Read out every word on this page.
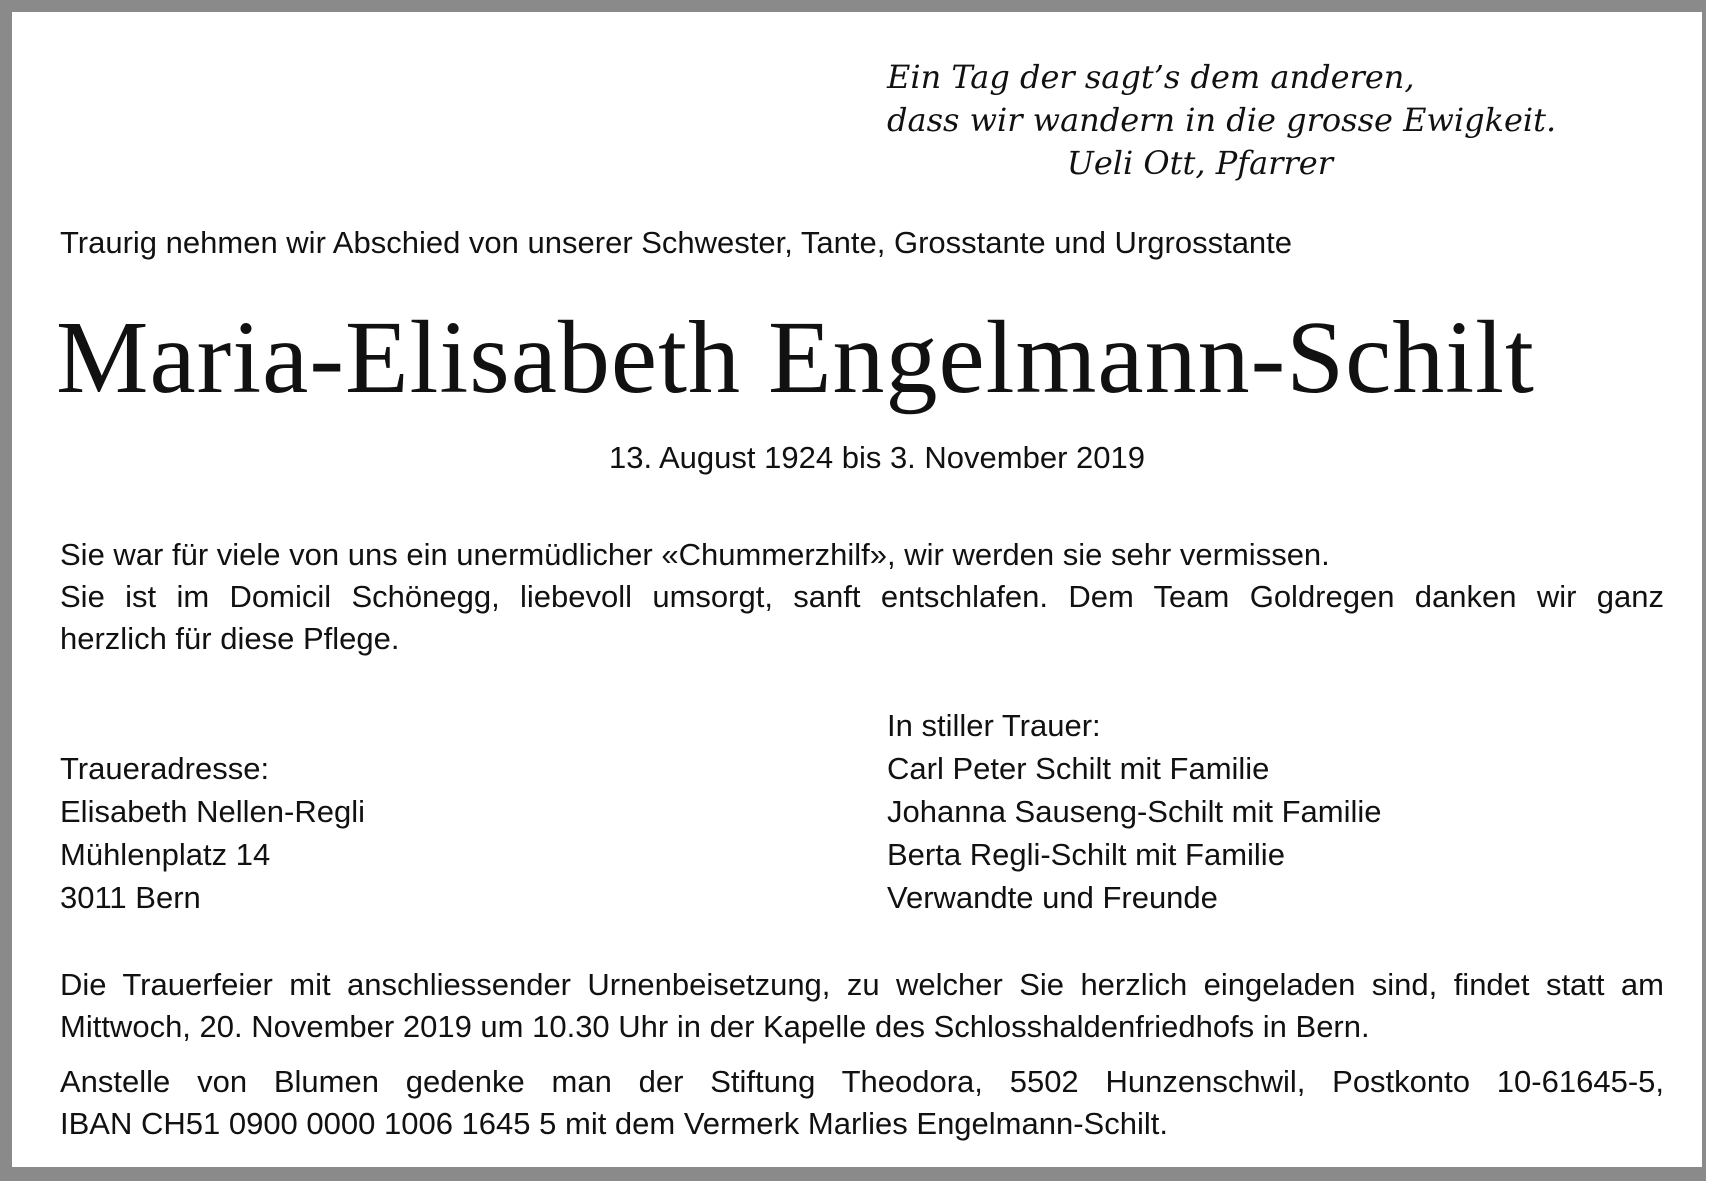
Ein Tag der sagt’s dem anderen,
dass wir wandern in die grosse Ewigkeit.
Ueli Ott, Pfarrer
Traurig nehmen wir Abschied von unserer Schwester, Tante, Grosstante und Urgrosstante
Maria-Elisabeth Engelmann-Schilt
13. August 1924 bis 3. November 2019
Sie war für viele von uns ein unermüdlicher «Chummerzhilf», wir werden sie sehr vermissen.
Sie ist im Domicil Schönegg, liebevoll umsorgt, sanft entschlafen. Dem Team Goldregen danken wir ganz
herzlich für diese Pflege.
In stiller Trauer:
Carl Peter Schilt mit Familie
Johanna Sauseng-Schilt mit Familie
Berta Regli-Schilt mit Familie
Verwandte und Freunde
Traueradresse:
Elisabeth Nellen-Regli
Mühlenplatz 14
3011 Bern
Die Trauerfeier mit anschliessender Urnenbeisetzung, zu welcher Sie herzlich eingeladen sind, findet statt am
Mittwoch, 20. November 2019 um 10.30 Uhr in der Kapelle des Schlosshaldenfriedhofs in Bern.
Anstelle von Blumen gedenke man der Stiftung Theodora, 5502 Hunzenschwil, Postkonto 10-61645-5,
IBAN CH51 0900 0000 1006 1645 5 mit dem Vermerk Marlies Engelmann-Schilt.
